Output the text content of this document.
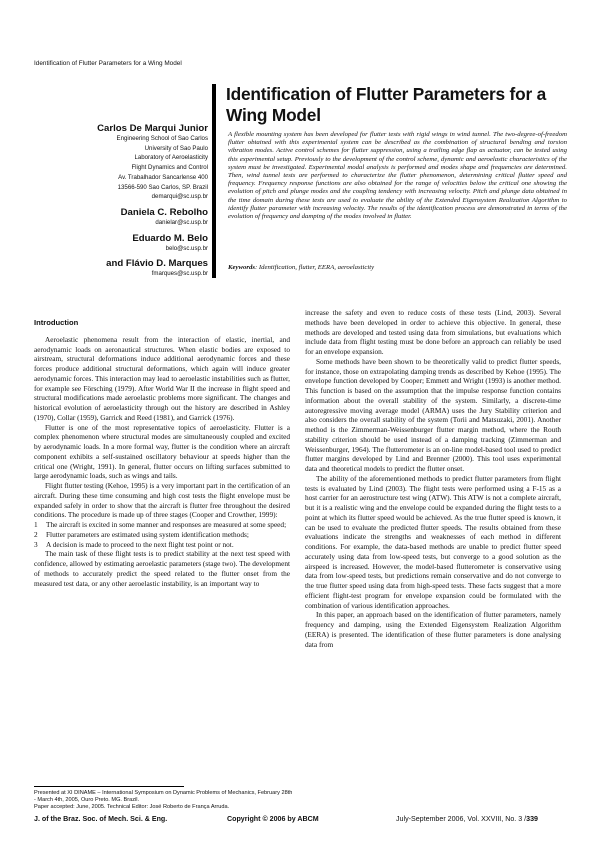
Identification of Flutter Parameters for a Wing Model
Carlos De Marqui Junior
Engineering School of Sao Carlos
University of Sao Paulo
Laboratory of Aeroelasticity
Flight Dynamics and Control
Av. Trabalhador Sancarlense 400
13566-590 Sao Carlos, SP. Brazil
demarqui@sc.usp.br
Daniela C. Rebolho
danielar@sc.usp.br
Eduardo M. Belo
belo@sc.usp.br
and Flávio D. Marques
fmarques@sc.usp.br
Identification of Flutter Parameters for a Wing Model
A flexible mounting system has been developed for flutter tests with rigid wings in wind tunnel. The two-degree-of-freedom flutter obtained with this experimental system can be described as the combination of structural bending and torsion vibration modes. Active control schemes for flutter suppression, using a trailing edge flap as actuator, can be tested using this experimental setup. Previously to the development of the control scheme, dynamic and aeroelastic characteristics of the system must be investigated. Experimental modal analysis is performed and modes shape and frequencies are determined. Then, wind tunnel tests are performed to characterize the flutter phenomenon, determining critical flutter speed and frequency. Frequency response functions are also obtained for the range of velocities below the critical one showing the evolution of pitch and plunge modes and the coupling tendency with increasing velocity. Pitch and plunge data obtained in the time domain during these tests are used to evaluate the ability of the Extended Eigensystem Realization Algorithm to identify flutter parameter with increasing velocity. The results of the identification process are demonstrated in terms of the evolution of frequency and damping of the modes involved in flutter.
Keywords: Identification, flutter, EERA, aeroelasticity
Introduction

Aeroelastic phenomena result from the interaction of elastic, inertial, and aerodynamic loads on aeronautical structures. When elastic bodies are exposed to airstream, structural deformations induce additional aerodynamic forces and these forces produce additional structural deformations, which again will induce greater aerodynamic forces. This interaction may lead to aeroelastic instabilities such as flutter, for example see Försching (1979). After World War II the increase in flight speed and structural modifications made aeroelastic problems more significant. The changes and historical evolution of aeroelasticity through out the history are described in Ashley (1970), Collar (1959), Garrick and Reed (1981), and Garrick (1976).

Flutter is one of the most representative topics of aeroelasticity. Flutter is a complex phenomenon where structural modes are simultaneously coupled and excited by aerodynamic loads. In a more formal way, flutter is the condition where an aircraft component exhibits a self-sustained oscillatory behaviour at speeds higher than the critical one (Wright, 1991). In general, flutter occurs on lifting surfaces submitted to large aerodynamic loads, such as wings and tails.

Flight flutter testing (Kehoe, 1995) is a very important part in the certification of an aircraft. During these time consuming and high cost tests the flight envelope must be expanded safely in order to show that the aircraft is flutter free throughout the desired conditions. The procedure is made up of three stages (Cooper and Crowther, 1999):

1	The aircraft is excited in some manner and responses are measured at some speed;
2	Flutter parameters are estimated using system identification methods;
3	A decision is made to proceed to the next flight test point or not.

The main task of these flight tests is to predict stability at the next test speed with confidence, allowed by estimating aeroelastic parameters (stage two). The development of methods to accurately predict the speed related to the flutter onset from the measured test data, or any other aeroelastic instability, is an important way to

increase the safety and even to reduce costs of these tests (Lind, 2003). Several methods have been developed in order to achieve this objective. In general, these methods are developed and tested using data from simulations, but evaluations which include data from flight testing must be done before an approach can reliably be used for an envelope expansion.

Some methods have been shown to be theoretically valid to predict flutter speeds, for instance, those on extrapolating damping trends as described by Kehoe (1995). The envelope function developed by Cooper; Emmett and Wright (1993) is another method. This function is based on the assumption that the impulse response function contains information about the overall stability of the system. Similarly, a discrete-time autoregressive moving average model (ARMA) uses the Jury Stability criterion and also considers the overall stability of the system (Torii and Matsuzaki, 2001). Another method is the Zimmerman-Weissenburger flutter margin method, where the Routh stability criterion should be used instead of a damping tracking (Zimmerman and Weissenburger, 1964). The flutterometer is an on-line model-based tool used to predict flutter margins developed by Lind and Brenner (2000). This tool uses experimental data and theoretical models to predict the flutter onset.

The ability of the aforementioned methods to predict flutter parameters from flight tests is evaluated by Lind (2003). The flight tests were performed using a F-15 as a host carrier for an aerostructure test wing (ATW). This ATW is not a complete aircraft, but it is a realistic wing and the envelope could be expanded during the flight tests to a point at which its flutter speed would be achieved. As the true flutter speed is known, it can be used to evaluate the predicted flutter speeds. The results obtained from these evaluations indicate the strengths and weaknesses of each method in different conditions. For example, the data-based methods are unable to predict flutter speed accurately using data from low-speed tests, but converge to a good solution as the airspeed is increased. However, the model-based flutterometer is conservative using data from low-speed tests, but predictions remain conservative and do not converge to the true flutter speed using data from high-speed tests. These facts suggest that a more efficient flight-test program for envelope expansion could be formulated with the combination of various identification approaches.

In this paper, an approach based on the identification of flutter parameters, namely frequency and damping, using the Extended Eigensystem Realization Algorithm (EERA) is presented. The identification of these flutter parameters is done analysing data from

Presented at XI DINAME – International Symposium on Dynamic Problems of Mechanics, February 28th - March 4th, 2005, Ouro Preto. MG. Brazil.
Paper accepted: June, 2005. Technical Editor: José Roberto de França Arruda.
J. of the Braz. Soc. of Mech. Sci. & Eng.	Copyright © 2006 by ABCM	July-September 2006, Vol. XXVIII, No. 3 /339
